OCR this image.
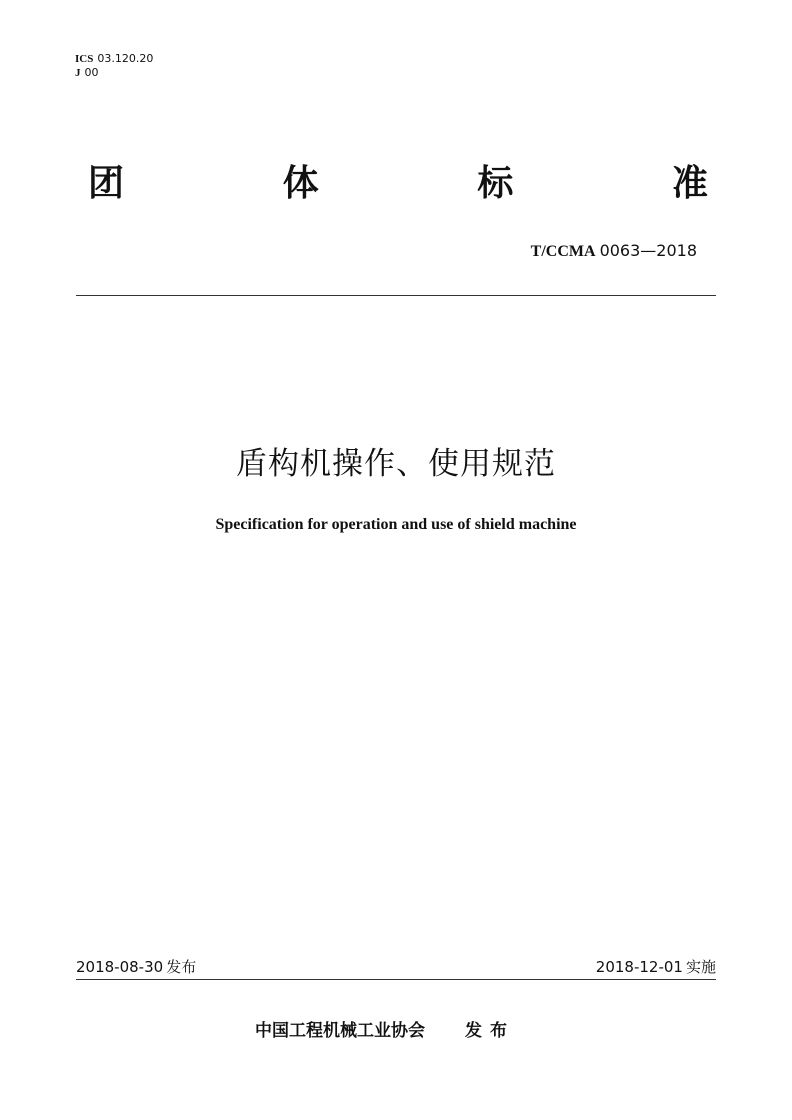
ICS 03.120.20
J 00
团	体	标	准
T/CCMA 0063—2018
盾构机操作、使用规范
Specification for operation and use of shield machine
2018-08-30 发布	2018-12-01 实施
中国工程机械工业协会 发布
